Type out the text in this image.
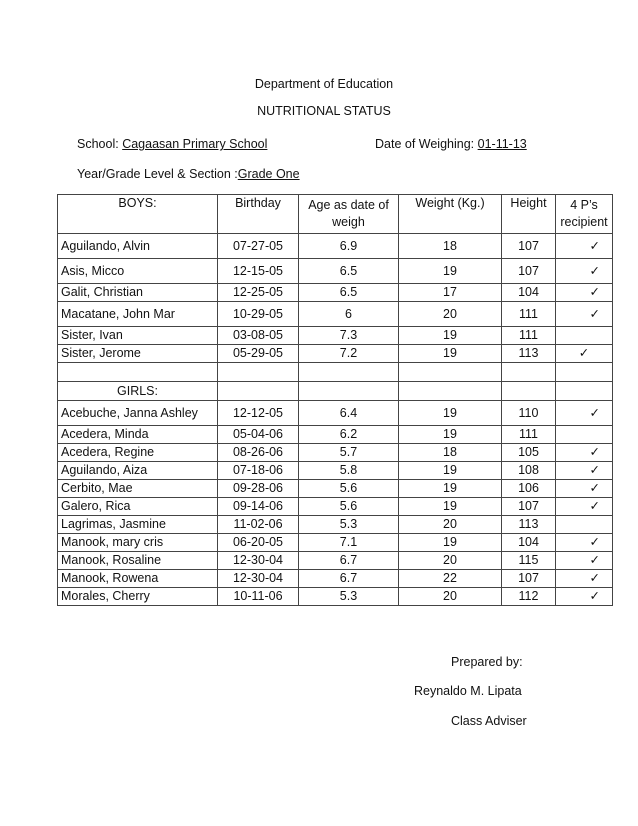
Department of Education
NUTRITIONAL STATUS
School: Cagaasan Primary School	Date of Weighing: 01-11-13
Year/Grade Level & Section :Grade One
BOYS:	Birthday	Age as date of weigh	Weight (Kg.)	Height	4 P’s recipient
Aguilando, Alvin	07-27-05	6.9	18	107	✓
Asis, Micco	12-15-05	6.5	19	107	✓
Galit, Christian	12-25-05	6.5	17	104	✓
Macatane, John Mar	10-29-05	6	20	111	✓
Sister, Ivan	03-08-05	7.3	19	111	
Sister, Jerome	05-29-05	7.2	19	113	✓

GIRLS:					
Acebuche, Janna Ashley	12-12-05	6.4	19	110	✓
Acedera, Minda	05-04-06	6.2	19	111	
Acedera, Regine	08-26-06	5.7	18	105	✓
Aguilando, Aiza	07-18-06	5.8	19	108	✓
Cerbito, Mae	09-28-06	5.6	19	106	✓
Galero, Rica	09-14-06	5.6	19	107	✓
Lagrimas, Jasmine	11-02-06	5.3	20	113	
Manook, mary cris	06-20-05	7.1	19	104	✓
Manook, Rosaline	12-30-04	6.7	20	115	✓
Manook, Rowena	12-30-04	6.7	22	107	✓
Morales, Cherry	10-11-06	5.3	20	112	✓
Prepared by:
Reynaldo M. Lipata
Class Adviser
